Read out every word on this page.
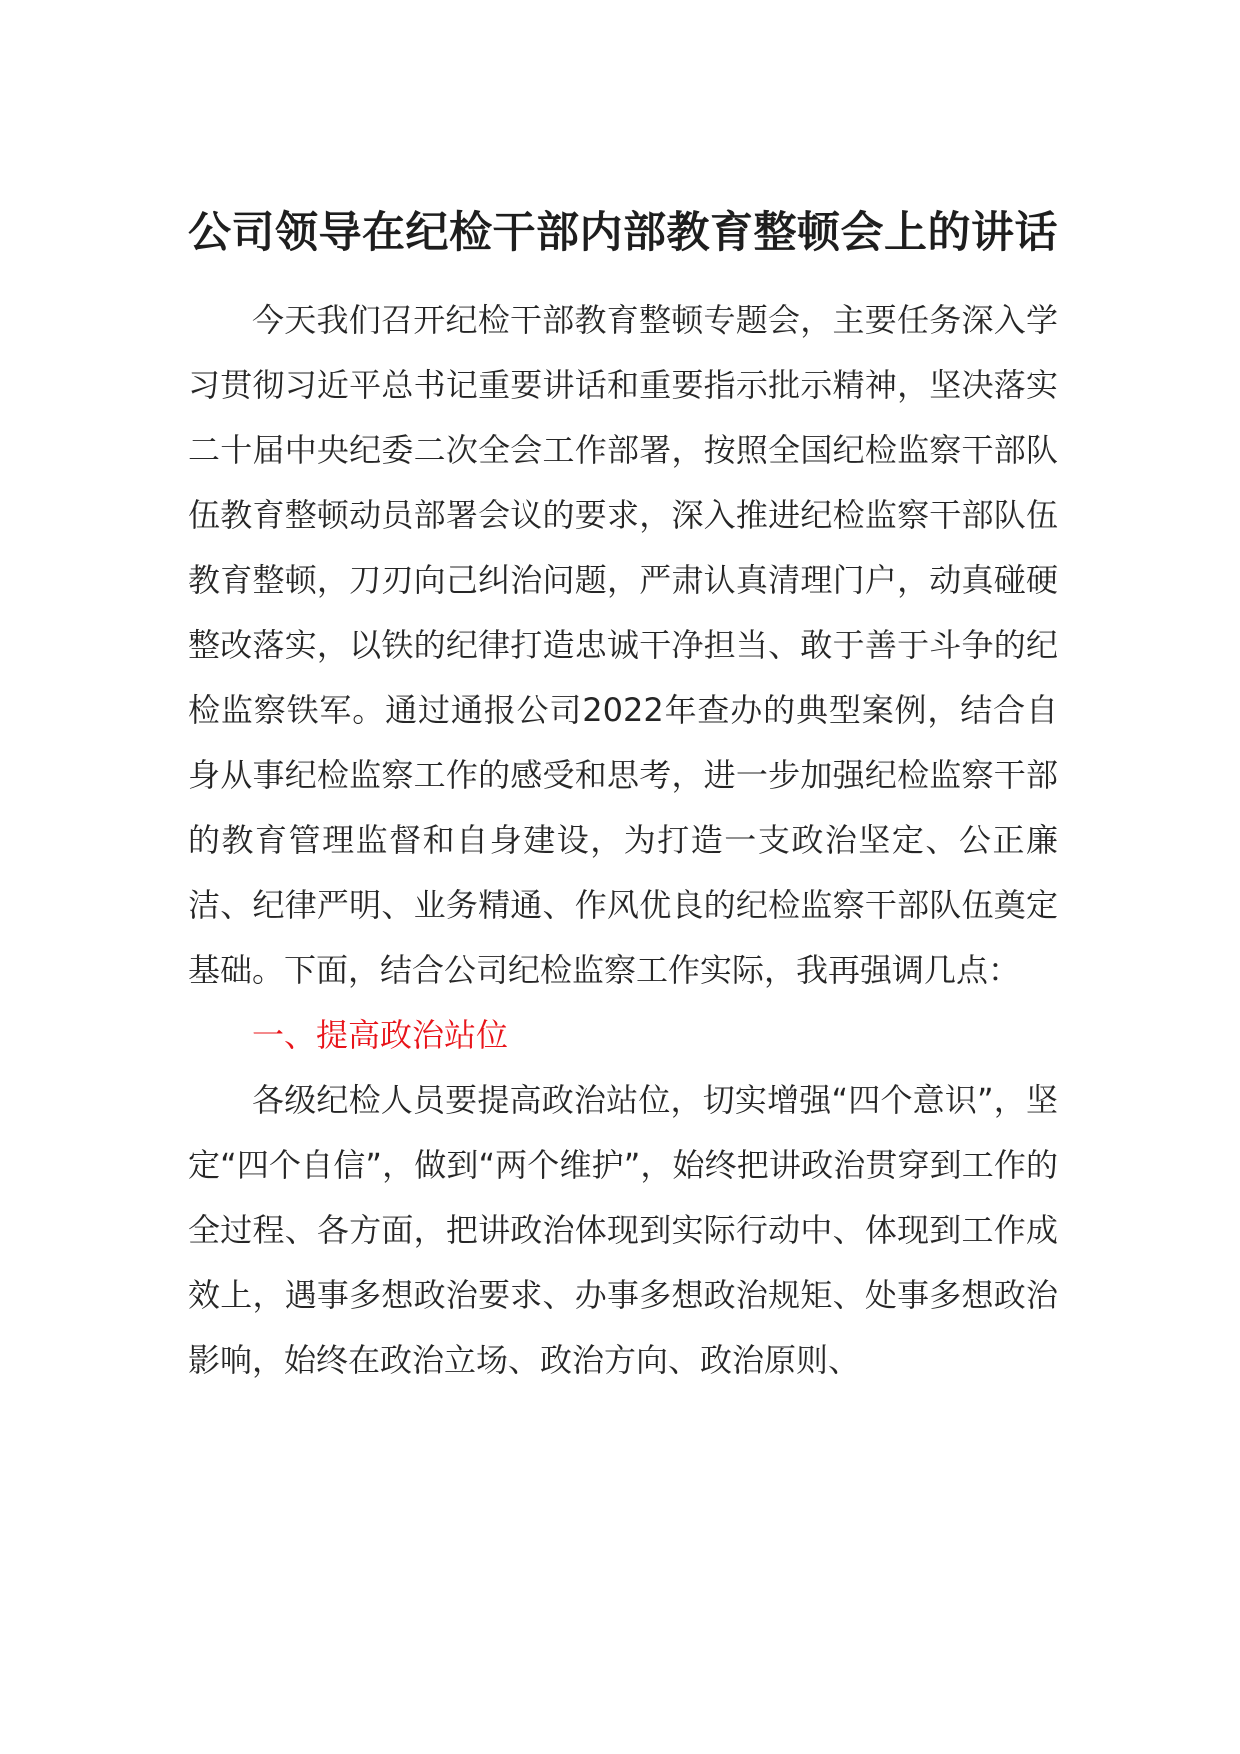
公司领导在纪检干部内部教育整顿会上的讲话

今天我们召开纪检干部教育整顿专题会，主要任务深入学习贯彻习近平总书记重要讲话和重要指示批示精神，坚决落实二十届中央纪委二次全会工作部署，按照全国纪检监察干部队伍教育整顿动员部署会议的要求，深入推进纪检监察干部队伍教育整顿，刀刃向己纠治问题，严肃认真清理门户，动真碰硬整改落实，以铁的纪律打造忠诚干净担当、敢于善于斗争的纪检监察铁军。通过通报公司2022年查办的典型案例，结合自身从事纪检监察工作的感受和思考，进一步加强纪检监察干部的教育管理监督和自身建设，为打造一支政治坚定、公正廉洁、纪律严明、业务精通、作风优良的纪检监察干部队伍奠定基础。下面，结合公司纪检监察工作实际，我再强调几点：

一、提高政治站位

各级纪检人员要提高政治站位，切实增强“四个意识”，坚定“四个自信”，做到“两个维护”，始终把讲政治贯穿到工作的全过程、各方面，把讲政治体现到实际行动中、体现到工作成效上，遇事多想政治要求、办事多想政治规矩、处事多想政治影响，始终在政治立场、政治方向、政治原则、
